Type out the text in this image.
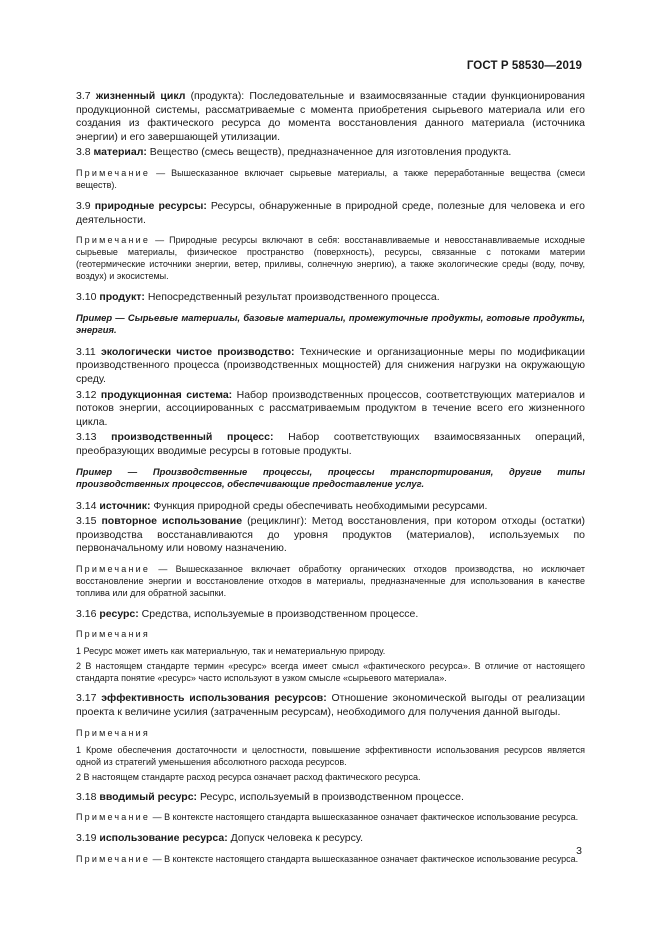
ГОСТ Р 58530—2019

3.7 жизненный цикл (продукта): Последовательные и взаимосвязанные стадии функционирования продукционной системы, рассматриваемые с момента приобретения сырьевого материала или его создания из фактического ресурса до момента восстановления данного материала (источника энергии) и его завершающей утилизации.

3.8 материал: Вещество (смесь веществ), предназначенное для изготовления продукта.

Примечание — Вышесказанное включает сырьевые материалы, а также переработанные вещества (смеси веществ).

3.9 природные ресурсы: Ресурсы, обнаруженные в природной среде, полезные для человека и его деятельности.

Примечание — Природные ресурсы включают в себя: восстанавливаемые и невосстанавливаемые исходные сырьевые материалы, физическое пространство (поверхность), ресурсы, связанные с потоками материи (геотермические источники энергии, ветер, приливы, солнечную энергию), а также экологические среды (воду, почву, воздух) и экосистемы.

3.10 продукт: Непосредственный результат производственного процесса.

Пример — Сырьевые материалы, базовые материалы, промежуточные продукты, готовые продукты, энергия.

3.11 экологически чистое производство: Технические и организационные меры по модификации производственного процесса (производственных мощностей) для снижения нагрузки на окружающую среду.

3.12 продукционная система: Набор производственных процессов, соответствующих материалов и потоков энергии, ассоциированных с рассматриваемым продуктом в течение всего его жизненного цикла.

3.13 производственный процесс: Набор соответствующих взаимосвязанных операций, преобразующих вводимые ресурсы в готовые продукты.

Пример — Производственные процессы, процессы транспортирования, другие типы производственных процессов, обеспечивающие предоставление услуг.

3.14 источник: Функция природной среды обеспечивать необходимыми ресурсами.

3.15 повторное использование (рециклинг): Метод восстановления, при котором отходы (остатки) производства восстанавливаются до уровня продуктов (материалов), используемых по первоначальному или новому назначению.

Примечание — Вышесказанное включает обработку органических отходов производства, но исключает восстановление энергии и восстановление отходов в материалы, предназначенные для использования в качестве топлива или для обратной засыпки.

3.16 ресурс: Средства, используемые в производственном процессе.

Примечания

1 Ресурс может иметь как материальную, так и нематериальную природу.

2 В настоящем стандарте термин «ресурс» всегда имеет смысл «фактического ресурса». В отличие от настоящего стандарта понятие «ресурс» часто используют в узком смысле «сырьевого материала».

3.17 эффективность использования ресурсов: Отношение экономической выгоды от реализации проекта к величине усилия (затраченным ресурсам), необходимого для получения данной выгоды.

Примечания

1 Кроме обеспечения достаточности и целостности, повышение эффективности использования ресурсов является одной из стратегий уменьшения абсолютного расхода ресурсов.

2 В настоящем стандарте расход ресурса означает расход фактического ресурса.

3.18 вводимый ресурс: Ресурс, используемый в производственном процессе.

Примечание — В контексте настоящего стандарта вышесказанное означает фактическое использование ресурса.

3.19 использование ресурса: Допуск человека к ресурсу.

Примечание — В контексте настоящего стандарта вышесказанное означает фактическое использование ресурса.

3
